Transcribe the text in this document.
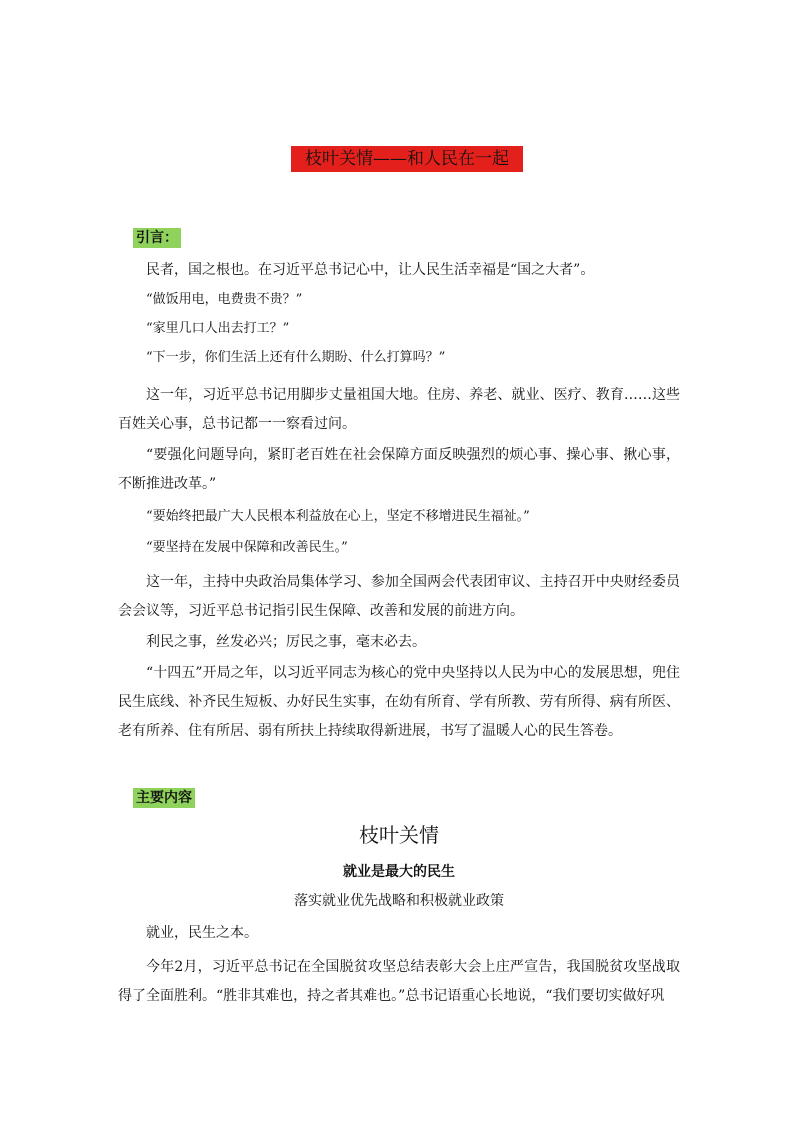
枝叶关情——和人民在一起
引言：

民者，国之根也。在习近平总书记心中，让人民生活幸福是“国之大者”。

“做饭用电，电费贵不贵？”

“家里几口人出去打工？”

“下一步，你们生活上还有什么期盼、什么打算吗？”

这一年，习近平总书记用脚步丈量祖国大地。住房、养老、就业、医疗、教育……这些百姓关心事，总书记都一一察看过问。

“要强化问题导向，紧盯老百姓在社会保障方面反映强烈的烦心事、操心事、揪心事，不断推进改革。”

“要始终把最广大人民根本利益放在心上，坚定不移增进民生福祉。”

“要坚持在发展中保障和改善民生。”

这一年，主持中央政治局集体学习、参加全国两会代表团审议、主持召开中央财经委员会会议等，习近平总书记指引民生保障、改善和发展的前进方向。

利民之事，丝发必兴；厉民之事，毫末必去。

“十四五”开局之年，以习近平同志为核心的党中央坚持以人民为中心的发展思想，兜住民生底线、补齐民生短板、办好民生实事，在幼有所育、学有所教、劳有所得、病有所医、老有所养、住有所居、弱有所扶上持续取得新进展，书写了温暖人心的民生答卷。

主要内容
枝叶关情
就业是最大的民生
落实就业优先战略和积极就业政策

就业，民生之本。

今年2月，习近平总书记在全国脱贫攻坚总结表彰大会上庄严宣告，我国脱贫攻坚战取得了全面胜利。“胜非其难也，持之者其难也。”总书记语重心长地说，“我们要切实做好巩
